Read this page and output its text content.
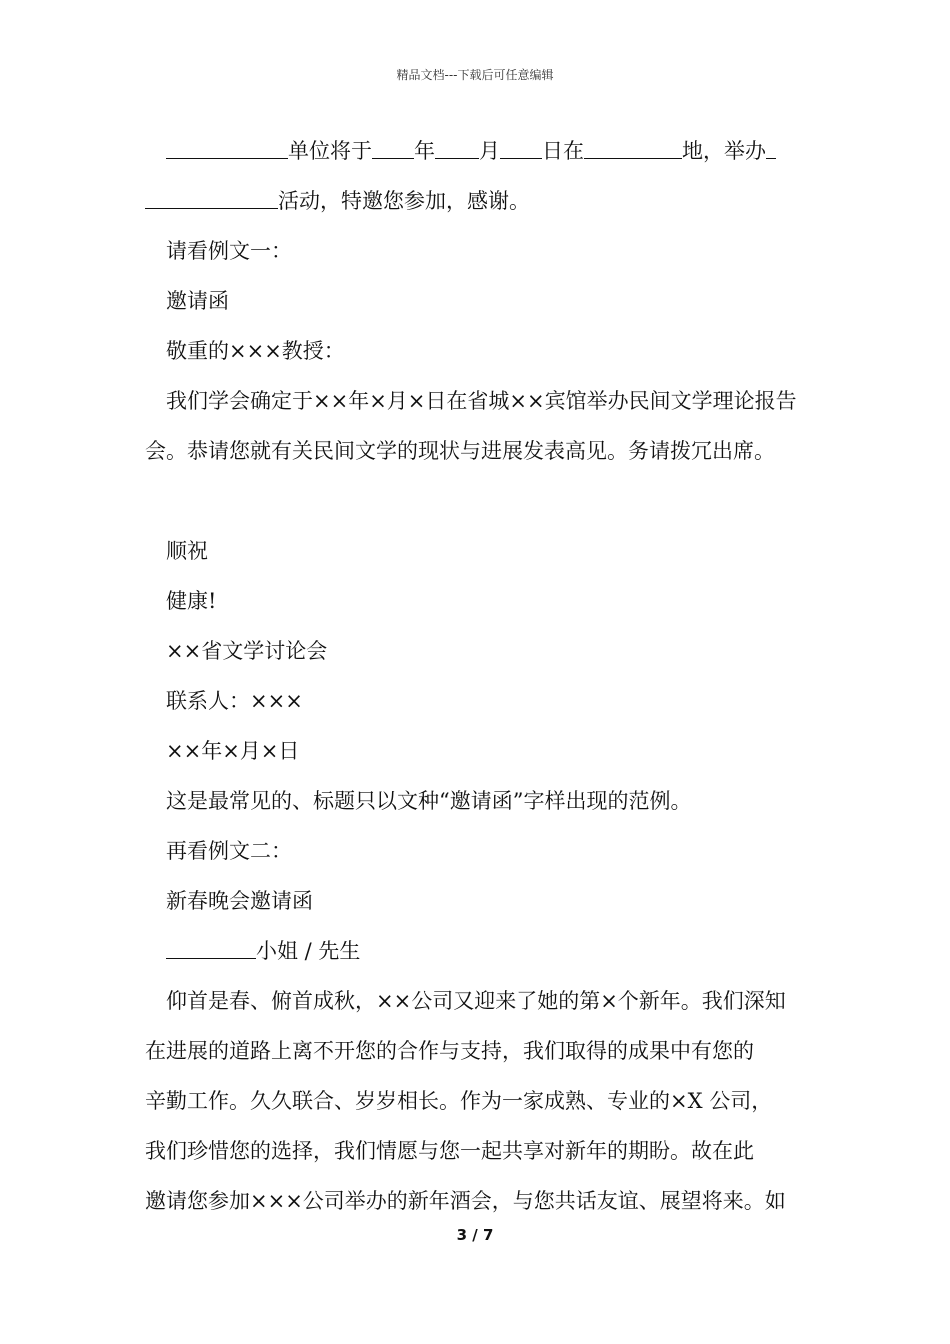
精品文档---下载后可任意编辑
单位将于 年 月 日在	地，举办
活动，特邀您参加，感谢。
请看例文一：
邀请函
敬重的×××教授：
我们学会确定于××年×月×日在省城××宾馆举办民间文学理论报告
会。恭请您就有关民间文学的现状与进展发表高见。务请拨冗出席。
顺祝
健康!
××省文学讨论会
联系人：×××
××年×月×日
这是最常见的、标题只以文种“邀请函”字样出现的范例。
再看例文二：
新春晚会邀请函
小姐 / 先生
仰首是春、俯首成秋，××公司又迎来了她的第×个新年。我们深知
在进展的道路上离不开您的合作与支持，我们取得的成果中有您的
辛勤工作。久久联合、岁岁相长。作为一家成熟、专业的×X 公司，
我们珍惜您的选择，我们情愿与您一起共享对新年的期盼。故在此
邀请您参加×××公司举办的新年酒会，与您共话友谊、展望将来。如
3 / 7
